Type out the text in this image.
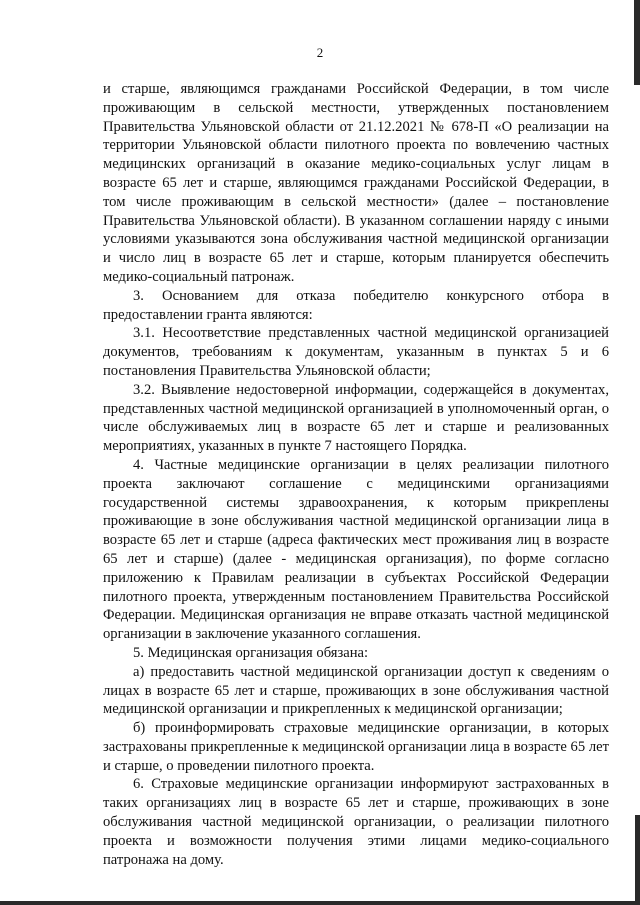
2

и старше, являющимся гражданами Российской Федерации, в том числе проживающим в сельской местности, утвержденных постановлением Правительства Ульяновской области от 21.12.2021 № 678-П «О реализации на территории Ульяновской области пилотного проекта по вовлечению частных медицинских организаций в оказание медико-социальных услуг лицам в возрасте 65 лет и старше, являющимся гражданами Российской Федерации, в том числе проживающим в сельской местности» (далее – постановление Правительства Ульяновской области). В указанном соглашении наряду с иными условиями указываются зона обслуживания частной медицинской организации и число лиц в возрасте 65 лет и старше, которым планируется обеспечить медико-социальный патронаж.

3. Основанием для отказа победителю конкурсного отбора в предоставлении гранта являются:

3.1. Несоответствие представленных частной медицинской организацией документов, требованиям к документам, указанным в пунктах 5 и 6 постановления Правительства Ульяновской области;

3.2. Выявление недостоверной информации, содержащейся в документах, представленных частной медицинской организацией в уполномоченный орган, о числе обслуживаемых лиц в возрасте 65 лет и старше и реализованных мероприятиях, указанных в пункте 7 настоящего Порядка.

4. Частные медицинские организации в целях реализации пилотного проекта заключают соглашение с медицинскими организациями государственной системы здравоохранения, к которым прикреплены проживающие в зоне обслуживания частной медицинской организации лица в возрасте 65 лет и старше (адреса фактических мест проживания лиц в возрасте 65 лет и старше) (далее - медицинская организация), по форме согласно приложению к Правилам реализации в субъектах Российской Федерации пилотного проекта, утвержденным постановлением Правительства Российской Федерации. Медицинская организация не вправе отказать частной медицинской организации в заключение указанного соглашения.

5. Медицинская организация обязана:

а) предоставить частной медицинской организации доступ к сведениям о лицах в возрасте 65 лет и старше, проживающих в зоне обслуживания частной медицинской организации и прикрепленных к медицинской организации;

б) проинформировать страховые медицинские организации, в которых застрахованы прикрепленные к медицинской организации лица в возрасте 65 лет и старше, о проведении пилотного проекта.

6. Страховые медицинские организации информируют застрахованных в таких организациях лиц в возрасте 65 лет и старше, проживающих в зоне обслуживания частной медицинской организации, о реализации пилотного проекта и возможности получения этими лицами медико-социального патронажа на дому.
